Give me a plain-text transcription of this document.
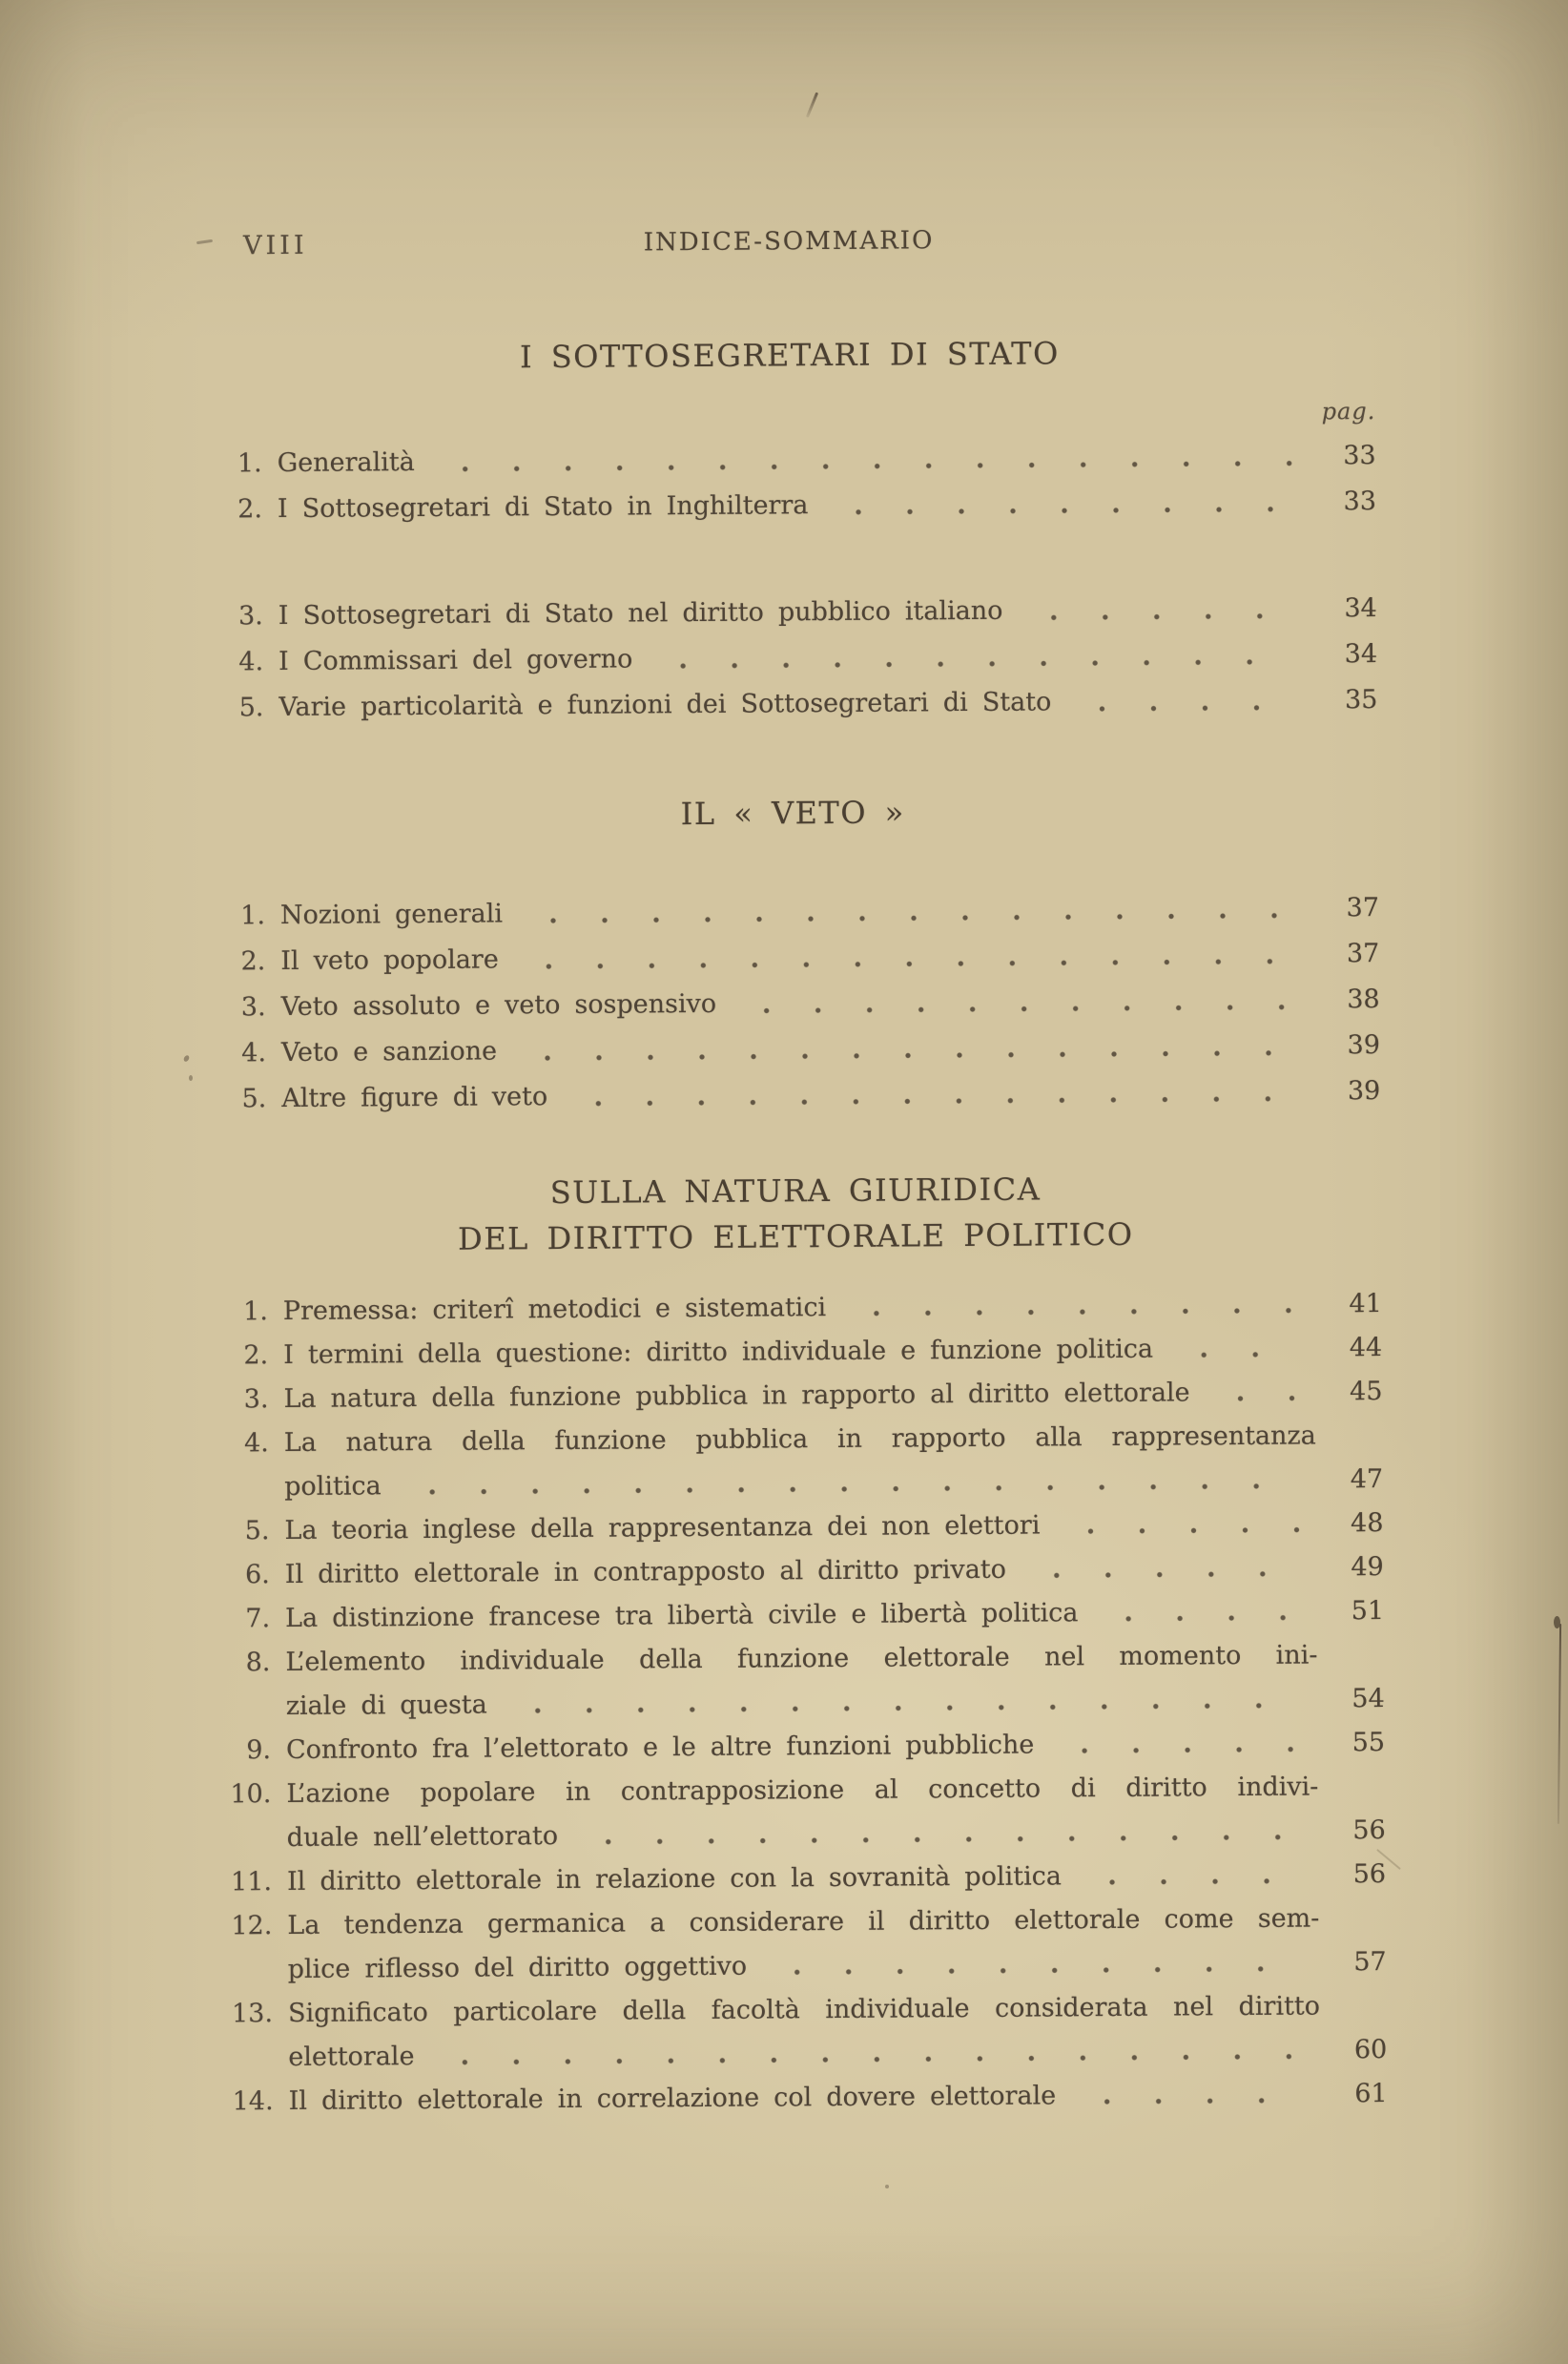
VIII	INDICE-SOMMARIO
I SOTTOSEGRETARI DI STATO
pag.
1. Generalità	33
2. I Sottosegretari di Stato in Inghilterra	33
3. I Sottosegretari di Stato nel diritto pubblico italiano	34
4. I Commissari del governo	34
5. Varie particolarità e funzioni dei Sottosegretari di Stato	35
IL « VETO »
1. Nozioni generali	37
2. Il veto popolare	37
3. Veto assoluto e veto sospensivo	38
4. Veto e sanzione	39
5. Altre figure di veto	39
SULLA NATURA GIURIDICA
DEL DIRITTO ELETTORALE POLITICO
1. Premessa: criterî metodici e sistematici	41
2. I termini della questione: diritto individuale e funzione politica	44
3. La natura della funzione pubblica in rapporto al diritto elettorale	45
4. La natura della funzione pubblica in rapporto alla rappresentanza
politica	47
5. La teoria inglese della rappresentanza dei non elettori	48
6. Il diritto elettorale in contrapposto al diritto privato	49
7. La distinzione francese tra libertà civile e libertà politica	51
8. L’elemento individuale della funzione elettorale nel momento ini-
ziale di questa	54
9. Confronto fra l’elettorato e le altre funzioni pubbliche	55
10. L’azione popolare in contrapposizione al concetto di diritto indivi-
duale nell’elettorato	56
11. Il diritto elettorale in relazione con la sovranità politica	56
12. La tendenza germanica a considerare il diritto elettorale come sem-
plice riflesso del diritto oggettivo	57
13. Significato particolare della facoltà individuale considerata nel diritto
elettorale	60
14. Il diritto elettorale in correlazione col dovere elettorale	61
